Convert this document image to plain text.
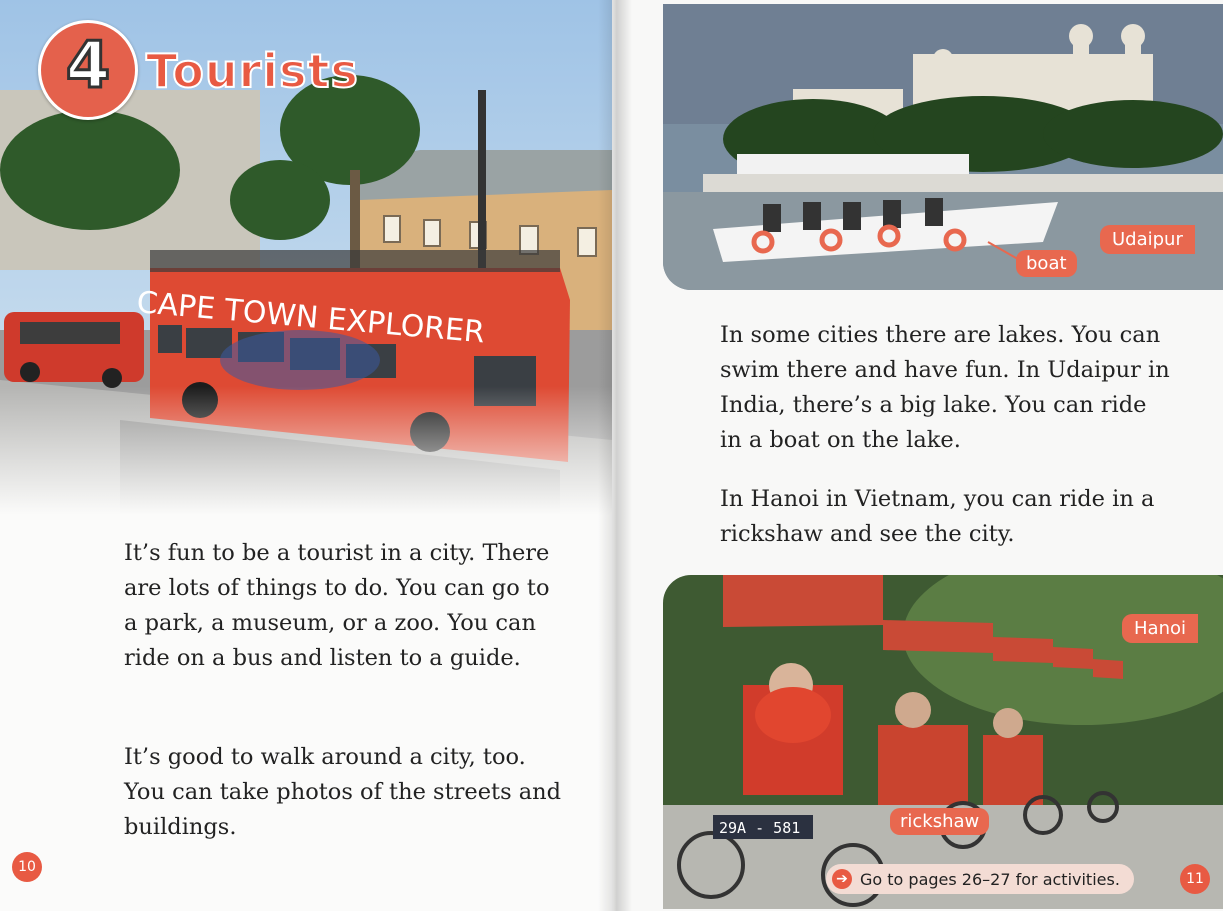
4 Tourists

It’s fun to be a tourist in a city. There are lots of things to do. You can go to a park, a museum, or a zoo. You can ride on a bus and listen to a guide.

It’s good to walk around a city, too. You can take photos of the streets and buildings.

10

In some cities there are lakes. You can swim there and have fun. In Udaipur in India, there’s a big lake. You can ride in a boat on the lake.

In Hanoi in Vietnam, you can ride in a rickshaw and see the city.

29A - 581
Udaipur
boat
Hanoi
rickshaw
➔ Go to pages 26–27 for activities.	11
